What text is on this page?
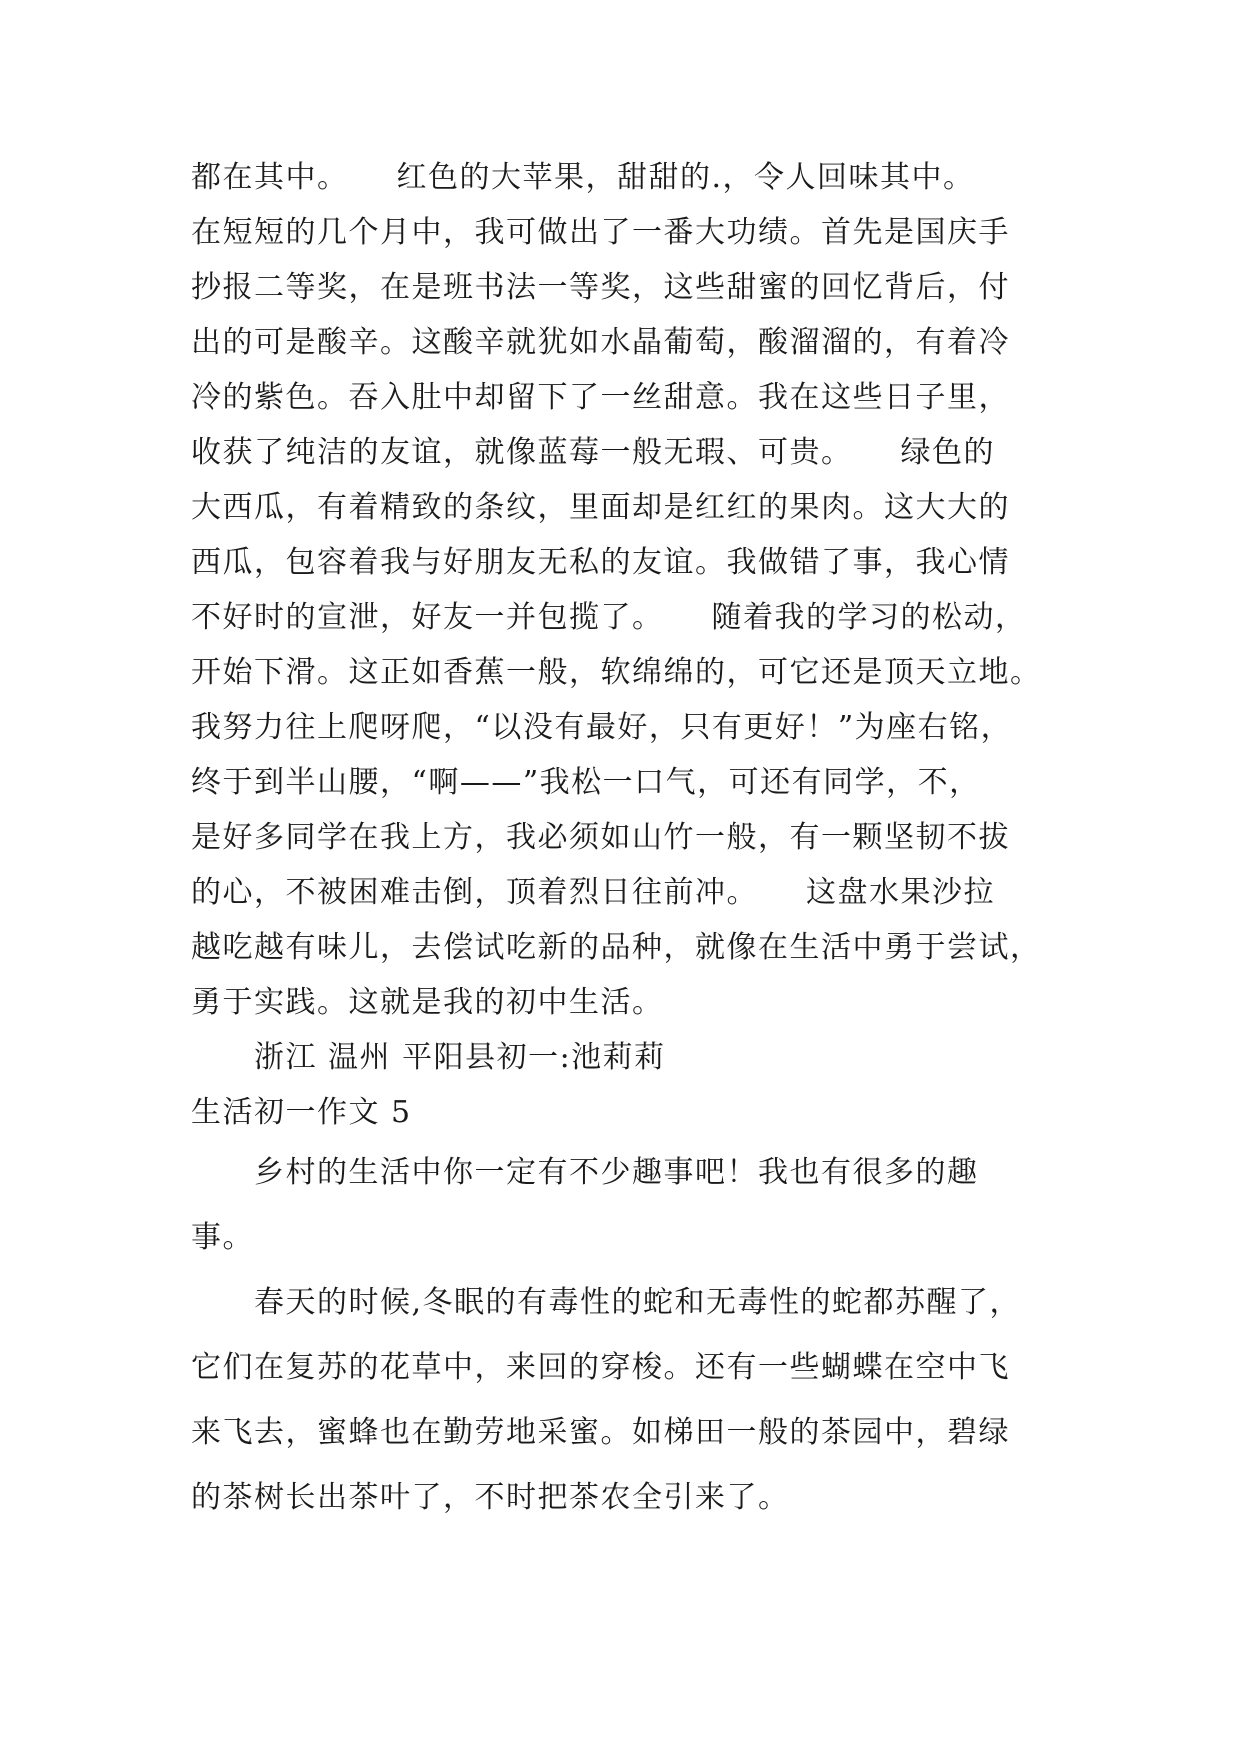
都在其中。　　红色的大苹果，甜甜的.，令人回味其中。
在短短的几个月中，我可做出了一番大功绩。首先是国庆手
抄报二等奖，在是班书法一等奖，这些甜蜜的回忆背后，付
出的可是酸辛。这酸辛就犹如水晶葡萄，酸溜溜的，有着冷
冷的紫色。吞入肚中却留下了一丝甜意。我在这些日子里，
收获了纯洁的友谊，就像蓝莓一般无瑕、可贵。　　绿色的
大西瓜，有着精致的条纹，里面却是红红的果肉。这大大的
西瓜，包容着我与好朋友无私的友谊。我做错了事，我心情
不好时的宣泄，好友一并包揽了。　　随着我的学习的松动，
开始下滑。这正如香蕉一般，软绵绵的，可它还是顶天立地。
我努力往上爬呀爬，“以没有最好，只有更好！”为座右铭，
终于到半山腰，“啊——”我松一口气，可还有同学，不，
是好多同学在我上方，我必须如山竹一般，有一颗坚韧不拔
的心，不被困难击倒，顶着烈日往前冲。　　这盘水果沙拉
越吃越有味儿，去偿试吃新的品种，就像在生活中勇于尝试，
勇于实践。这就是我的初中生活。
　　浙江 温州 平阳县初一:池莉莉
生活初一作文 5
　　乡村的生活中你一定有不少趣事吧！我也有很多的趣
事。
　　春天的时候,冬眠的有毒性的蛇和无毒性的蛇都苏醒了，
它们在复苏的花草中，来回的穿梭。还有一些蝴蝶在空中飞
来飞去，蜜蜂也在勤劳地采蜜。如梯田一般的茶园中，碧绿
的茶树长出茶叶了，不时把茶农全引来了。
